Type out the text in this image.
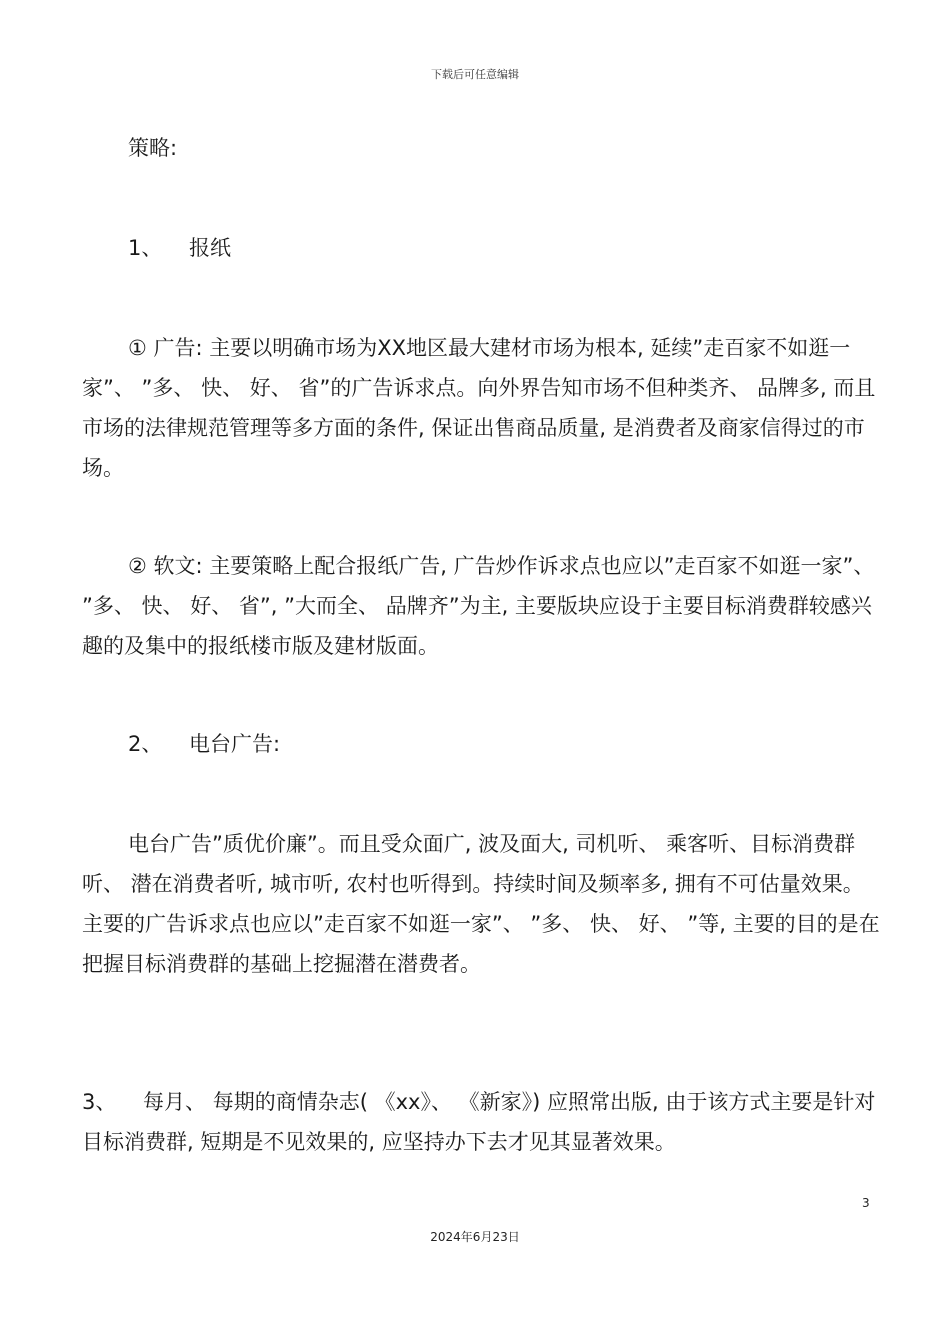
下载后可任意编辑

策略:

1、    报纸

① 广告: 主要以明确市场为XX地区最大建材市场为根本, 延续”走百家不如逛一家”、 ”多、 快、 好、 省”的广告诉求点。向外界告知市场不但种类齐、 品牌多, 而且市场的法律规范管理等多方面的条件, 保证出售商品质量, 是消费者及商家信得过的市场。

② 软文: 主要策略上配合报纸广告, 广告炒作诉求点也应以”走百家不如逛一家”、 ”多、 快、 好、 省”, ”大而全、 品牌齐”为主, 主要版块应设于主要目标消费群较感兴趣的及集中的报纸楼市版及建材版面。

2、    电台广告:

电台广告”质优价廉”。而且受众面广, 波及面大, 司机听、 乘客听、目标消费群听、 潜在消费者听, 城市听, 农村也听得到。持续时间及频率多, 拥有不可估量效果。主要的广告诉求点也应以”走百家不如逛一家”、 ”多、 快、 好、 ”等, 主要的目的是在把握目标消费群的基础上挖掘潜在潜费者。

3、    每月、 每期的商情杂志( 《xx》、 《新家》) 应照常出版, 由于该方式主要是针对目标消费群, 短期是不见效果的, 应坚持办下去才见其显著效果。

3
2024年6月23日
